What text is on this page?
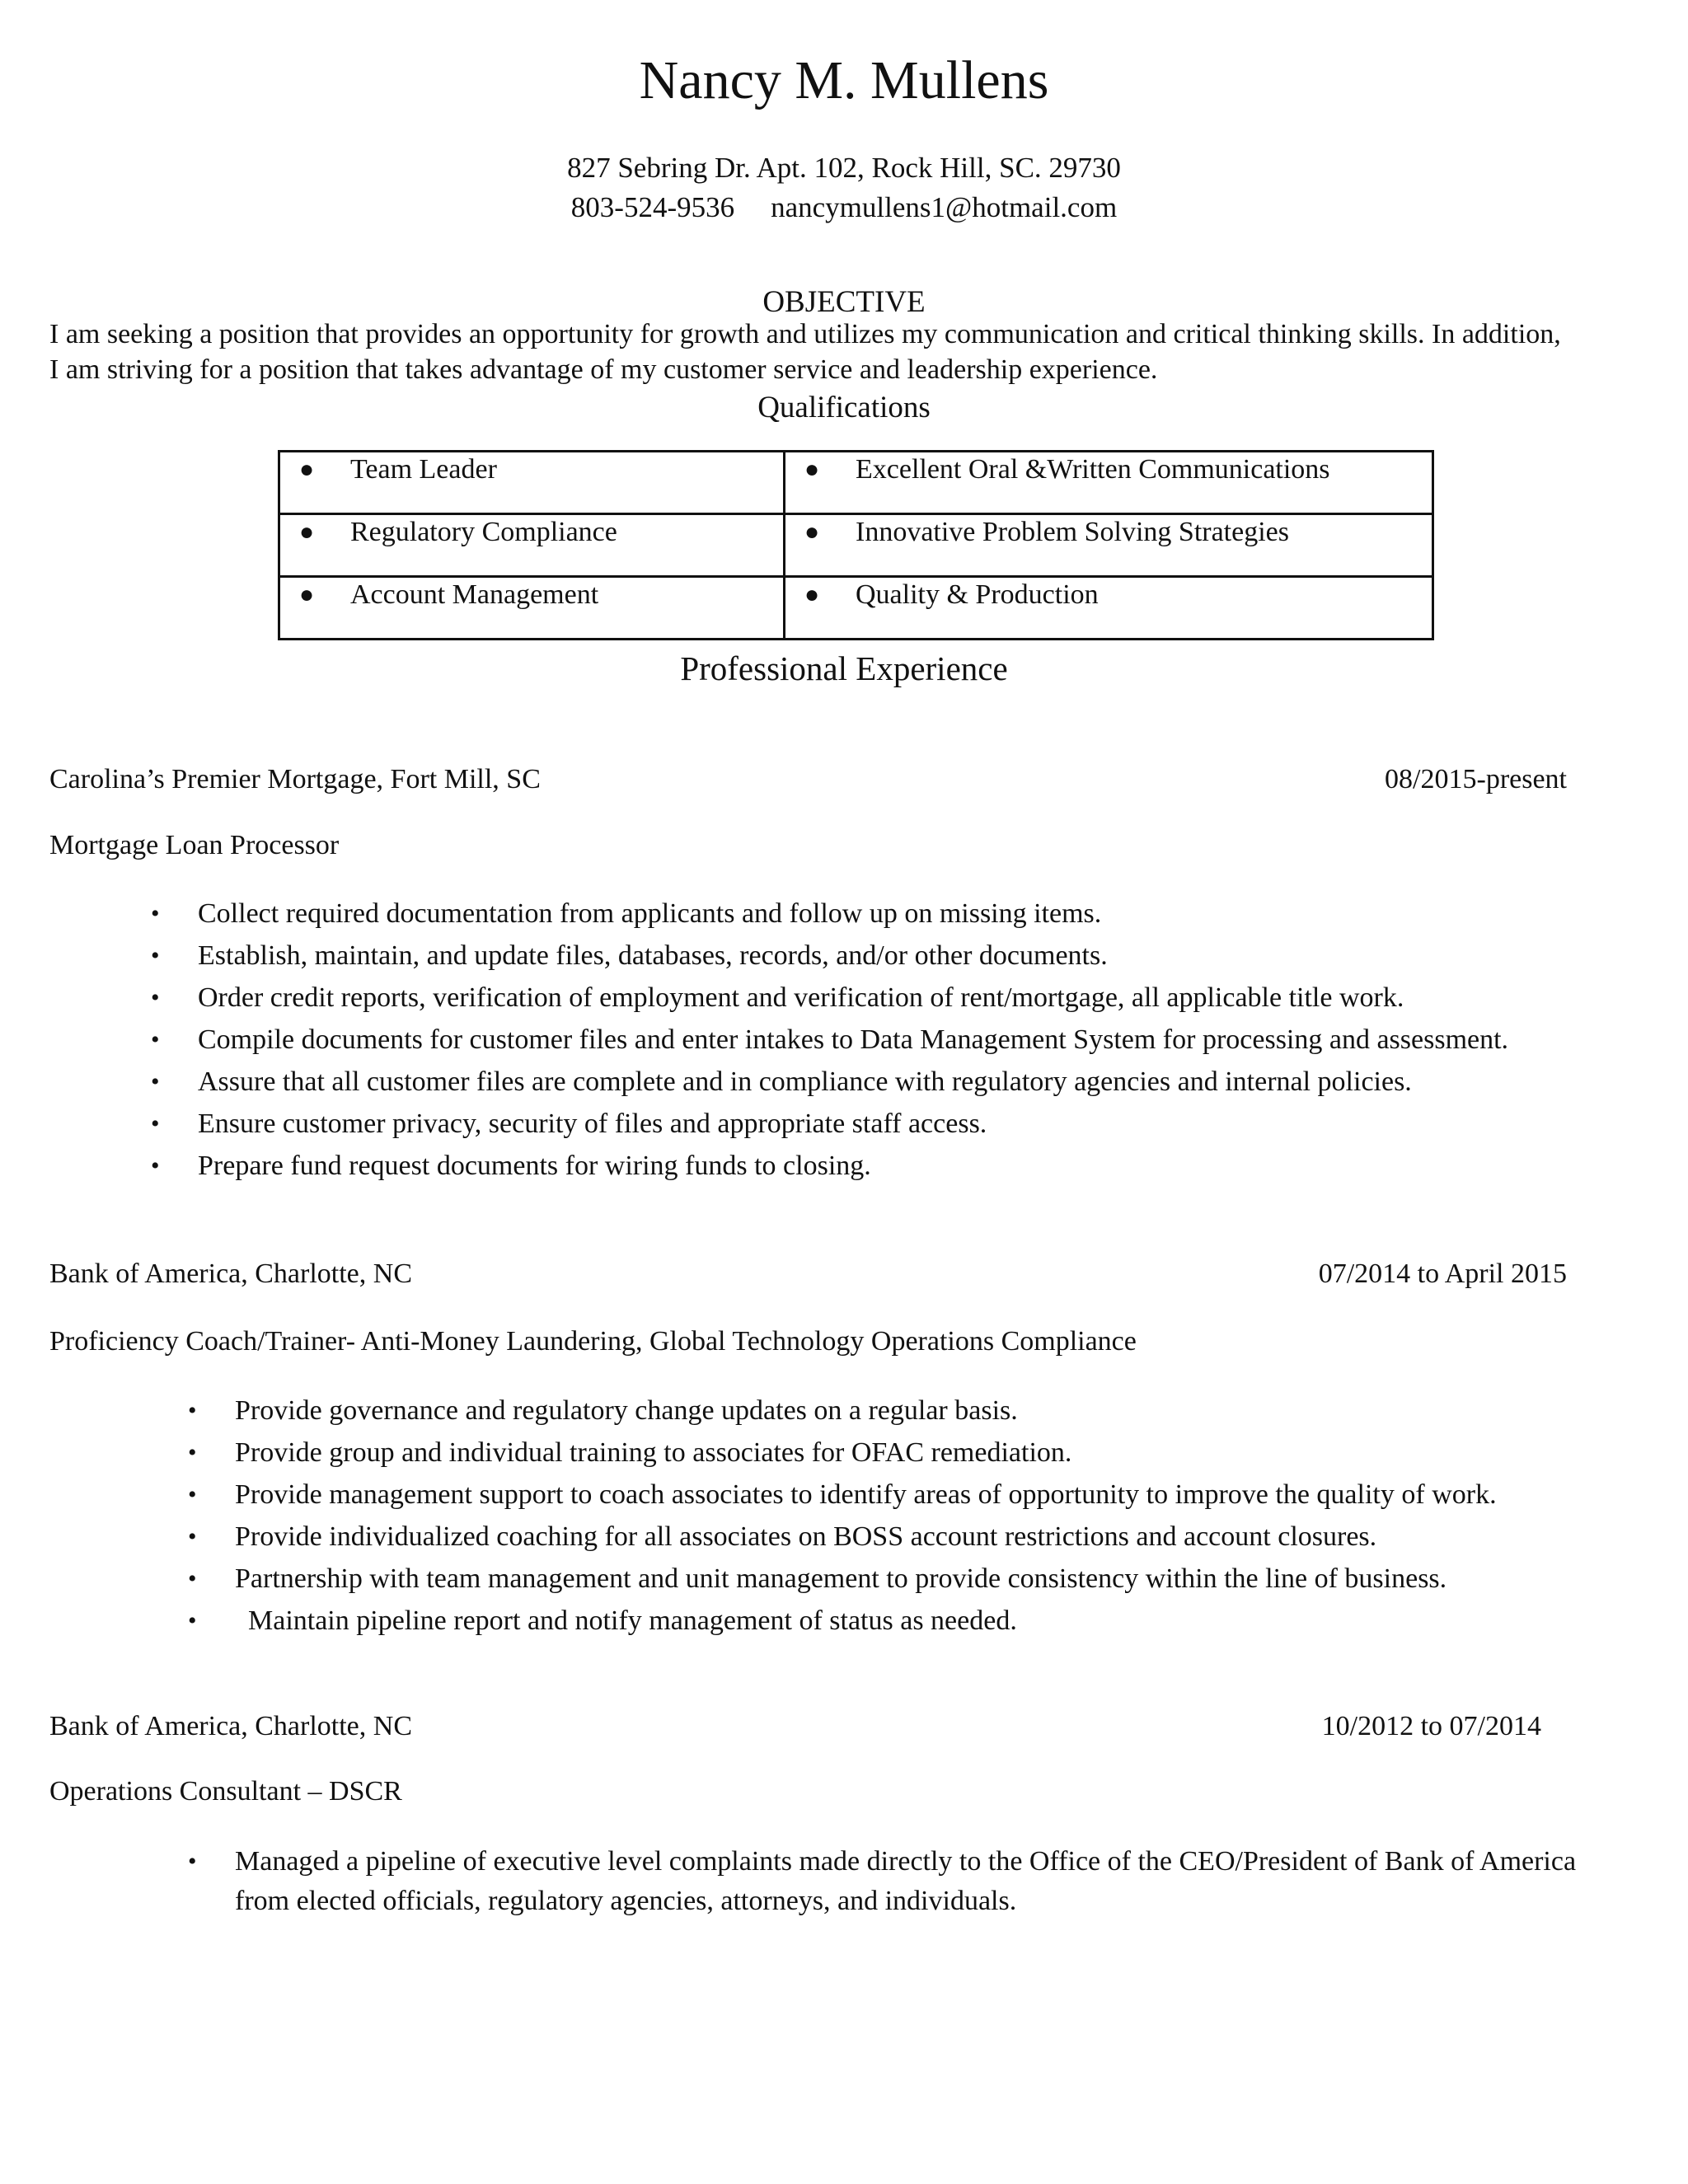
Nancy M. Mullens
827 Sebring Dr. Apt. 102, Rock Hill, SC. 29730
803-524-9536 nancymullens1@hotmail.com
OBJECTIVE
I am seeking a position that provides an opportunity for growth and utilizes my communication and critical thinking skills. In addition,
I am striving for a position that takes advantage of my customer service and leadership experience.
Qualifications
● Team Leader	● Excellent Oral &Written Communications

● Regulatory Compliance	● Innovative Problem Solving Strategies

● Account Management	● Quality & Production
Professional Experience
Carolina’s Premier Mortgage, Fort Mill, SC	08/2015-present
Mortgage Loan Processor
• Collect required documentation from applicants and follow up on missing items.
• Establish, maintain, and update files, databases, records, and/or other documents.
• Order credit reports, verification of employment and verification of rent/mortgage, all applicable title work.
• Compile documents for customer files and enter intakes to Data Management System for processing and assessment.
• Assure that all customer files are complete and in compliance with regulatory agencies and internal policies.
• Ensure customer privacy, security of files and appropriate staff access.
• Prepare fund request documents for wiring funds to closing.
Bank of America, Charlotte, NC	07/2014 to April 2015
Proficiency Coach/Trainer- Anti-Money Laundering, Global Technology Operations Compliance
• Provide governance and regulatory change updates on a regular basis.
• Provide group and individual training to associates for OFAC remediation.
• Provide management support to coach associates to identify areas of opportunity to improve the quality of work.
• Provide individualized coaching for all associates on BOSS account restrictions and account closures.
• Partnership with team management and unit management to provide consistency within the line of business.
• Maintain pipeline report and notify management of status as needed.
Bank of America, Charlotte, NC	10/2012 to 07/2014
Operations Consultant – DSCR
• Managed a pipeline of executive level complaints made directly to the Office of the CEO/President of Bank of America from elected officials, regulatory agencies, attorneys, and individuals.
